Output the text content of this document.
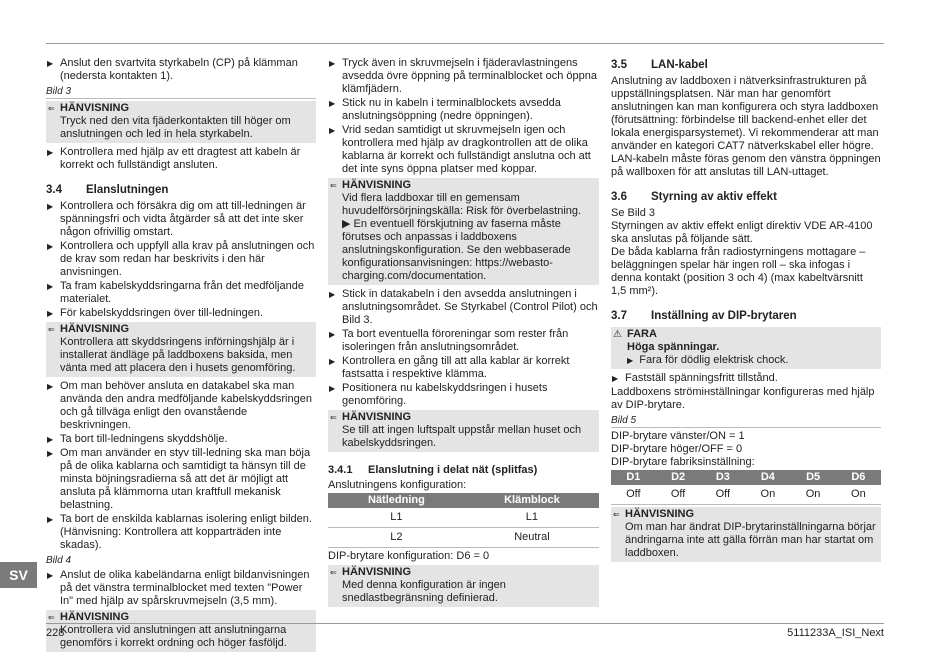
▶ Anslut den svartvita styrkabeln (CP) på klämman (nedersta kontakten 1).
Bild 3
⇐ HÄNVISNING
Tryck ned den vita fjäderkontakten till höger om anslutningen och led in hela styrkabeln.
▶ Kontrollera med hjälp av ett dragtest att kabeln är korrekt och fullständigt ansluten.
3.4	Elanslutningen
▶ Kontrollera och försäkra dig om att till-ledningen är spänningsfri och vidta åtgärder så att det inte sker någon ofrivillig omstart.
▶ Kontrollera och uppfyll alla krav på anslutningen och de krav som redan har beskrivits i den här anvisningen.
▶ Ta fram kabelskyddsringarna från det medföljande materialet.
▶ För kabelskyddsringen över till-ledningen.
⇐ HÄNVISNING
Kontrollera att skyddsringens införningshjälp är i installerat ändläge på laddboxens baksida, men vänta med att placera den i husets genomföring.
▶ Om man behöver ansluta en datakabel ska man använda den andra medföljande kabelskyddsringen och gå tillväga enligt den ovanstående beskrivningen.
▶ Ta bort till-ledningens skyddshölje.
▶ Om man använder en styv till-ledning ska man böja på de olika kablarna och samtidigt ta hänsyn till de minsta böjningsradierna så att det är möjligt att ansluta på klämmorna utan kraftfull mekanisk belastning.
▶ Ta bort de enskilda kablarnas isolering enligt bilden. (Hänvisning: Kontrollera att kopparträden inte skadas).
Bild 4
▶ Anslut de olika kabeländarna enligt bildanvisningen på det vänstra terminalblocket med texten "Power In" med hjälp av spårskruvmejseln (3,5 mm).
⇐ HÄNVISNING
Kontrollera vid anslutningen att anslutningarna genomförs i korrekt ordning och höger fasföljd.
▶ Tryck även in skruvmejseln i fjäderavlastningens avsedda övre öppning på terminalblocket och öppna klämfjädern.
▶ Stick nu in kabeln i terminalblockets avsedda anslutningsöppning (nedre öppningen).
▶ Vrid sedan samtidigt ut skruvmejseln igen och kontrollera med hjälp av dragkontrollen att de olika kablarna är korrekt och fullständigt anslutna och att det inte syns öppna platser med koppar.
⇐ HÄNVISNING
Vid flera laddboxar till en gemensam huvudelförsörjningskälla: Risk för överbelastning.
▶ En eventuell förskjutning av faserna måste förutses och anpassas i laddboxens anslutningskonfiguration. Se den webbaserade konfigurationsanvisningen: https://webasto-charging.com/documentation.
▶ Stick in datakabeln i den avsedda anslutningen i anslutningsområdet. Se Styrkabel (Control Pilot) och Bild 3.
▶ Ta bort eventuella föroreningar som rester från isoleringen från anslutningsområdet.
▶ Kontrollera en gång till att alla kablar är korrekt fastsatta i respektive klämma.
▶ Positionera nu kabelskyddsringen i husets genomföring.
⇐ HÄNVISNING
Se till att ingen luftspalt uppstår mellan huset och kabelskyddsringen.
3.4.1	Elanslutning i delat nät (splitfas)

Anslutningens konfiguration:

Nätledning	Klämblock
L1	L1
L2	Neutral

DIP-brytare konfiguration: D6 = 0

⇐ HÄNVISNING
Med denna konfiguration är ingen snedlastbegränsning definierad.
3.5	LAN-kabel

Anslutning av laddboxen i nätverksinfrastrukturen på uppställningsplatsen. När man har genomfört anslutningen kan man konfigurera och styra laddboxen (förutsättning: förbindelse till backend-enhet eller det lokala energisparsystemet). Vi rekommenderar att man använder en kategori CAT7 nätverkskabel eller högre. LAN-kabeln måste föras genom den vänstra öppningen på wallboxen för att anslutas till LAN-uttaget.

3.6	Styrning av aktiv effekt

Se Bild 3

Styrningen av aktiv effekt enligt direktiv VDE AR-4100 ska anslutas på följande sätt.

De båda kablarna från radiostyrningens mottagare – beläggningen spelar här ingen roll – ska infogas i denna kontakt (position 3 och 4) (max kabeltvärsnitt 1,5 mm²).

3.7	Inställning av DIP-brytaren
⚠ FARA
Höga spänningar.
▶ Fara för dödlig elektrisk chock.
▶ Fastställ spänningsfritt tillstånd.

Laddboxens strömінställningar konfigureras med hjälp av DIP-brytare.

Bild 5

DIP-brytare vänster/ON = 1

DIP-brytare höger/OFF = 0

DIP-brytare fabriksinställning:

D1	D2	D3	D4	D5	D6
Off	Off	Off	On	On	On
⇐ HÄNVISNING
Om man har ändrat DIP-brytarinställningarna börjar ändringarna inte att gälla förrän man har startat om laddboxen.
SV
228	5111233A_ISI_Next
